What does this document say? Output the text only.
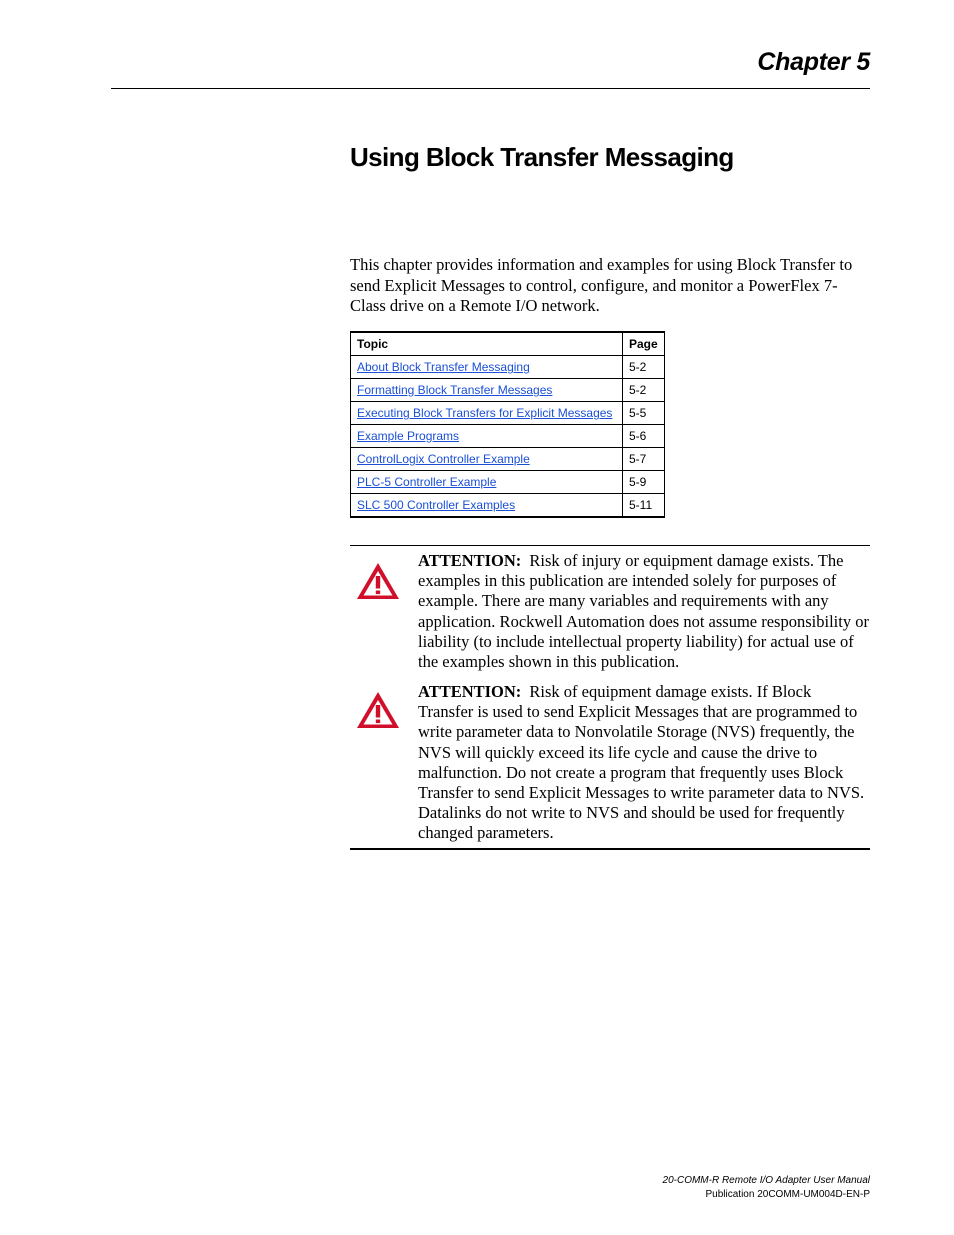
Chapter 5
Using Block Transfer Messaging

This chapter provides information and examples for using Block Transfer to send Explicit Messages to control, configure, and monitor a PowerFlex 7-Class drive on a Remote I/O network.

Topic	Page
About Block Transfer Messaging	5-2
Formatting Block Transfer Messages	5-2
Executing Block Transfers for Explicit Messages	5-5
Example Programs	5-6
ControlLogix Controller Example	5-7
PLC-5 Controller Example	5-9
SLC 500 Controller Examples	5-11

ATTENTION: Risk of injury or equipment damage exists. The examples in this publication are intended solely for purposes of example. There are many variables and requirements with any application. Rockwell Automation does not assume responsibility or liability (to include intellectual property liability) for actual use of the examples shown in this publication.

ATTENTION: Risk of equipment damage exists. If Block Transfer is used to send Explicit Messages that are programmed to write parameter data to Nonvolatile Storage (NVS) frequently, the NVS will quickly exceed its life cycle and cause the drive to malfunction. Do not create a program that frequently uses Block Transfer to send Explicit Messages to write parameter data to NVS. Datalinks do not write to NVS and should be used for frequently changed parameters.

20-COMM-R Remote I/O Adapter User Manual
Publication 20COMM-UM004D-EN-P
